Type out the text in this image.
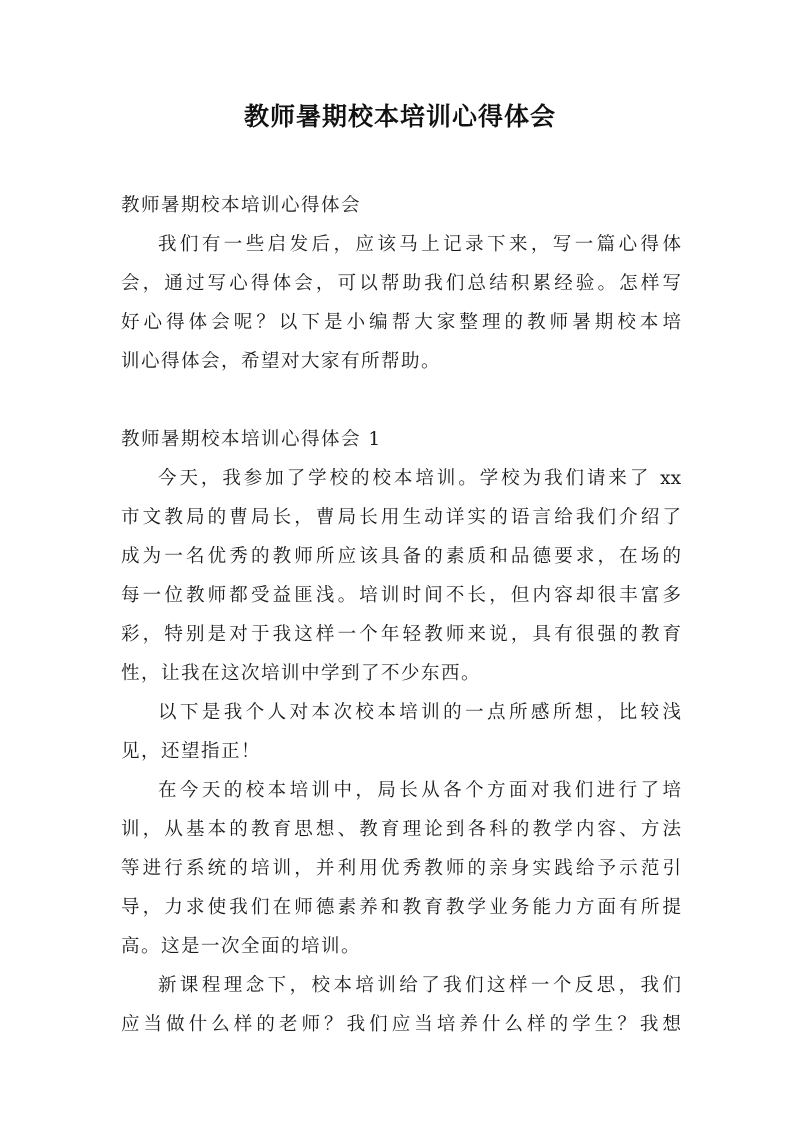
教师暑期校本培训心得体会
教师暑期校本培训心得体会
我们有一些启发后，应该马上记录下来，写一篇心得体
会，通过写心得体会，可以帮助我们总结积累经验。怎样写
好心得体会呢？以下是小编帮大家整理的教师暑期校本培
训心得体会，希望对大家有所帮助。
教师暑期校本培训心得体会 1
今天，我参加了学校的校本培训。学校为我们请来了 xx
市文教局的曹局长，曹局长用生动详实的语言给我们介绍了
成为一名优秀的教师所应该具备的素质和品德要求，在场的
每一位教师都受益匪浅。培训时间不长，但内容却很丰富多
彩，特别是对于我这样一个年轻教师来说，具有很强的教育
性，让我在这次培训中学到了不少东西。
以下是我个人对本次校本培训的一点所感所想，比较浅
见，还望指正！
在今天的校本培训中，局长从各个方面对我们进行了培
训，从基本的教育思想、教育理论到各科的教学内容、方法
等进行系统的培训，并利用优秀教师的亲身实践给予示范引
导，力求使我们在师德素养和教育教学业务能力方面有所提
高。这是一次全面的培训。
新课程理念下，校本培训给了我们这样一个反思，我们
应当做什么样的老师？我们应当培养什么样的学生？我想
